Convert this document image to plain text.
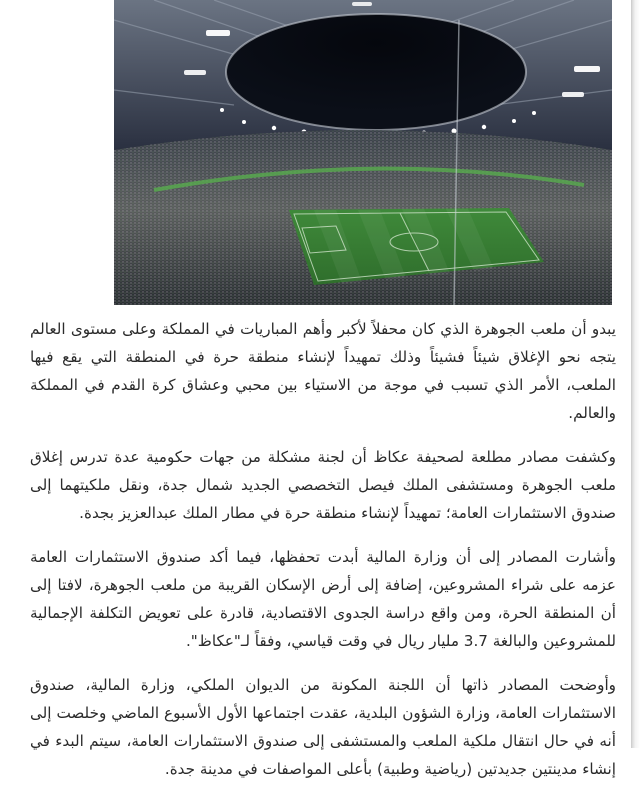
يبدو أن ملعب الجوهرة الذي كان محفلاً لأكبر وأهم المباريات في المملكة وعلى مستوى العالم يتجه نحو الإغلاق شيئاً فشيئاً وذلك تمهيداً لإنشاء منطقة حرة في المنطقة التي يقع فيها الملعب، الأمر الذي تسبب في موجة من الاستياء بين محبي وعشاق كرة القدم في المملكة والعالم.

وكشفت مصادر مطلعة لصحيفة عكاظ أن لجنة مشكلة من جهات حكومية عدة تدرس إغلاق ملعب الجوهرة ومستشفى الملك فيصل التخصصي الجديد شمال جدة، ونقل ملكيتهما إلى صندوق الاستثمارات العامة؛ تمهيداً لإنشاء منطقة حرة في مطار الملك عبدالعزيز بجدة.

وأشارت المصادر إلى أن وزارة المالية أبدت تحفظها، فيما أكد صندوق الاستثمارات العامة عزمه على شراء المشروعين، إضافة إلى أرض الإسكان القريبة من ملعب الجوهرة، لافتا إلى أن المنطقة الحرة، ومن واقع دراسة الجدوى الاقتصادية، قادرة على تعويض التكلفة الإجمالية للمشروعين والبالغة 3.7 مليار ريال في وقت قياسي، وفقاً لـ"عكاظ".

وأوضحت المصادر ذاتها أن اللجنة المكونة من الديوان الملكي، وزارة المالية، صندوق الاستثمارات العامة، وزارة الشؤون البلدية، عقدت اجتماعها الأول الأسبوع الماضي وخلصت إلى أنه في حال انتقال ملكية الملعب والمستشفى إلى صندوق الاستثمارات العامة، سيتم البدء في إنشاء مدينتين جديدتين (رياضية وطبية) بأعلى المواصفات في مدينة جدة.
